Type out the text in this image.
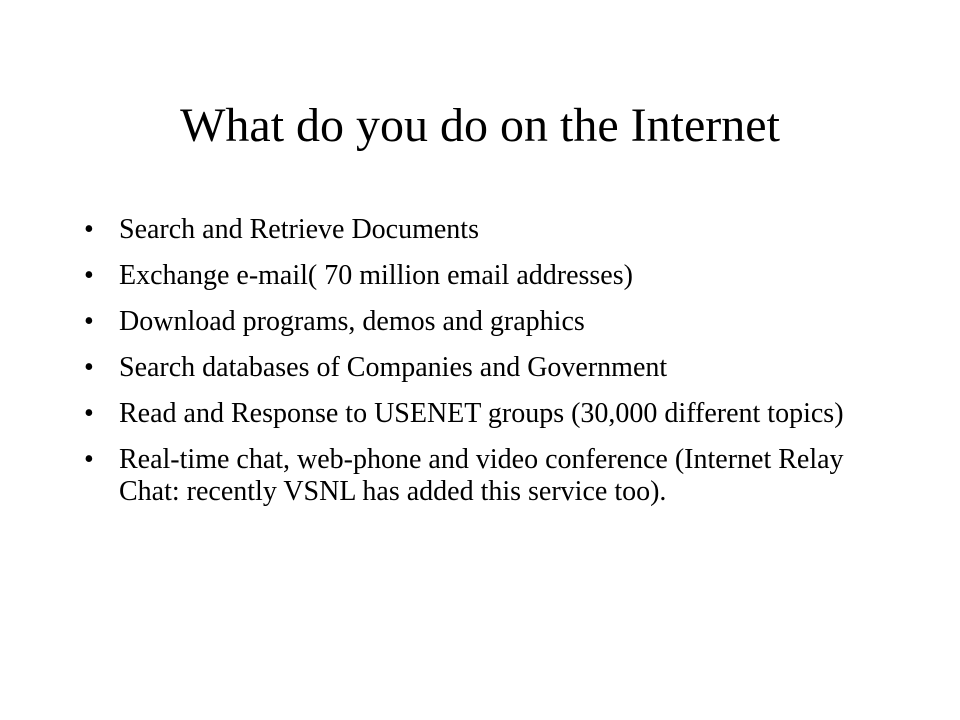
What do you do on the Internet
• Search and Retrieve Documents
• Exchange e-mail( 70 million email addresses)
• Download programs, demos and graphics
• Search databases of Companies and Government
• Read and Response to USENET groups (30,000 different topics)
• Real-time chat, web-phone and video conference (Internet Relay Chat: recently VSNL has added this service too).
